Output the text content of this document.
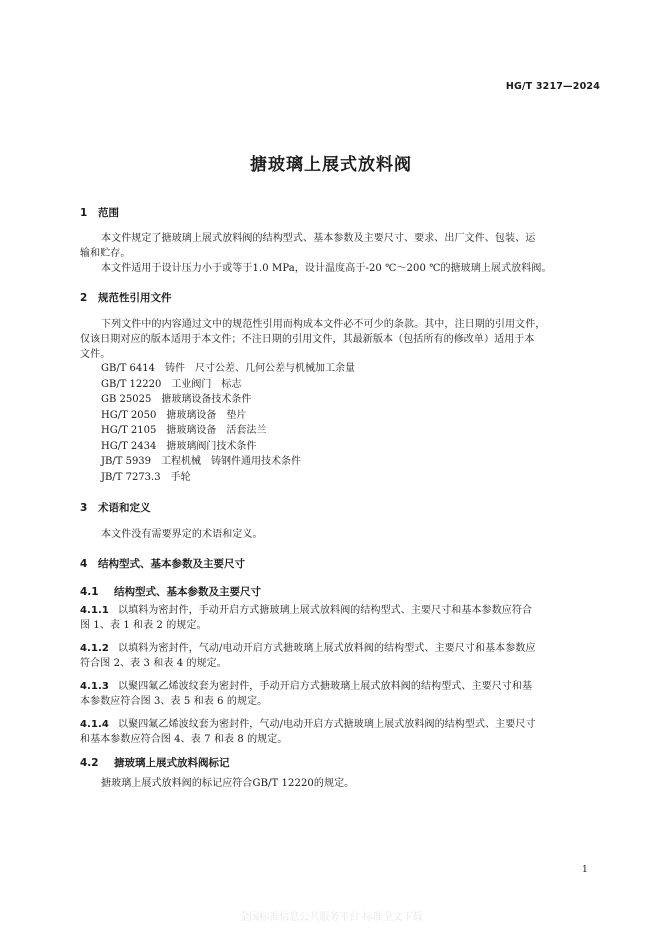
HG/T 3217—2024
搪玻璃上展式放料阀
1 范围
本文件规定了搪玻璃上展式放料阀的结构型式、基本参数及主要尺寸、要求、出厂文件、包装、运
输和贮存。
本文件适用于设计压力小于或等于1.0 MPa，设计温度高于-20 ℃～200 ℃的搪玻璃上展式放料阀。
2 规范性引用文件
下列文件中的内容通过文中的规范性引用而构成本文件必不可少的条款。其中，注日期的引用文件，
仅该日期对应的版本适用于本文件；不注日期的引用文件，其最新版本（包括所有的修改单）适用于本
文件。
GB/T 6414　铸件　尺寸公差、几何公差与机械加工余量
GB/T 12220　工业阀门　标志
GB 25025　搪玻璃设备技术条件
HG/T 2050　搪玻璃设备　垫片
HG/T 2105　搪玻璃设备　活套法兰
HG/T 2434　搪玻璃阀门技术条件
JB/T 5939　工程机械　铸钢件通用技术条件
JB/T 7273.3　手轮
3 术语和定义
本文件没有需要界定的术语和定义。
4 结构型式、基本参数及主要尺寸
4.1 结构型式、基本参数及主要尺寸
4.1.1 以填料为密封件，手动开启方式搪玻璃上展式放料阀的结构型式、主要尺寸和基本参数应符合
图 1、表 1 和表 2 的规定。
4.1.2 以填料为密封件，气动/电动开启方式搪玻璃上展式放料阀的结构型式、主要尺寸和基本参数应
符合图 2、表 3 和表 4 的规定。
4.1.3 以聚四氟乙烯波纹套为密封件，手动开启方式搪玻璃上展式放料阀的结构型式、主要尺寸和基
本参数应符合图 3、表 5 和表 6 的规定。
4.1.4 以聚四氟乙烯波纹套为密封件，气动/电动开启方式搪玻璃上展式放料阀的结构型式、主要尺寸
和基本参数应符合图 4、表 7 和表 8 的规定。
4.2 搪玻璃上展式放料阀标记
搪玻璃上展式放料阀的标记应符合GB/T 12220的规定。
1
全国标准信息公共服务平台 标准全文下载
